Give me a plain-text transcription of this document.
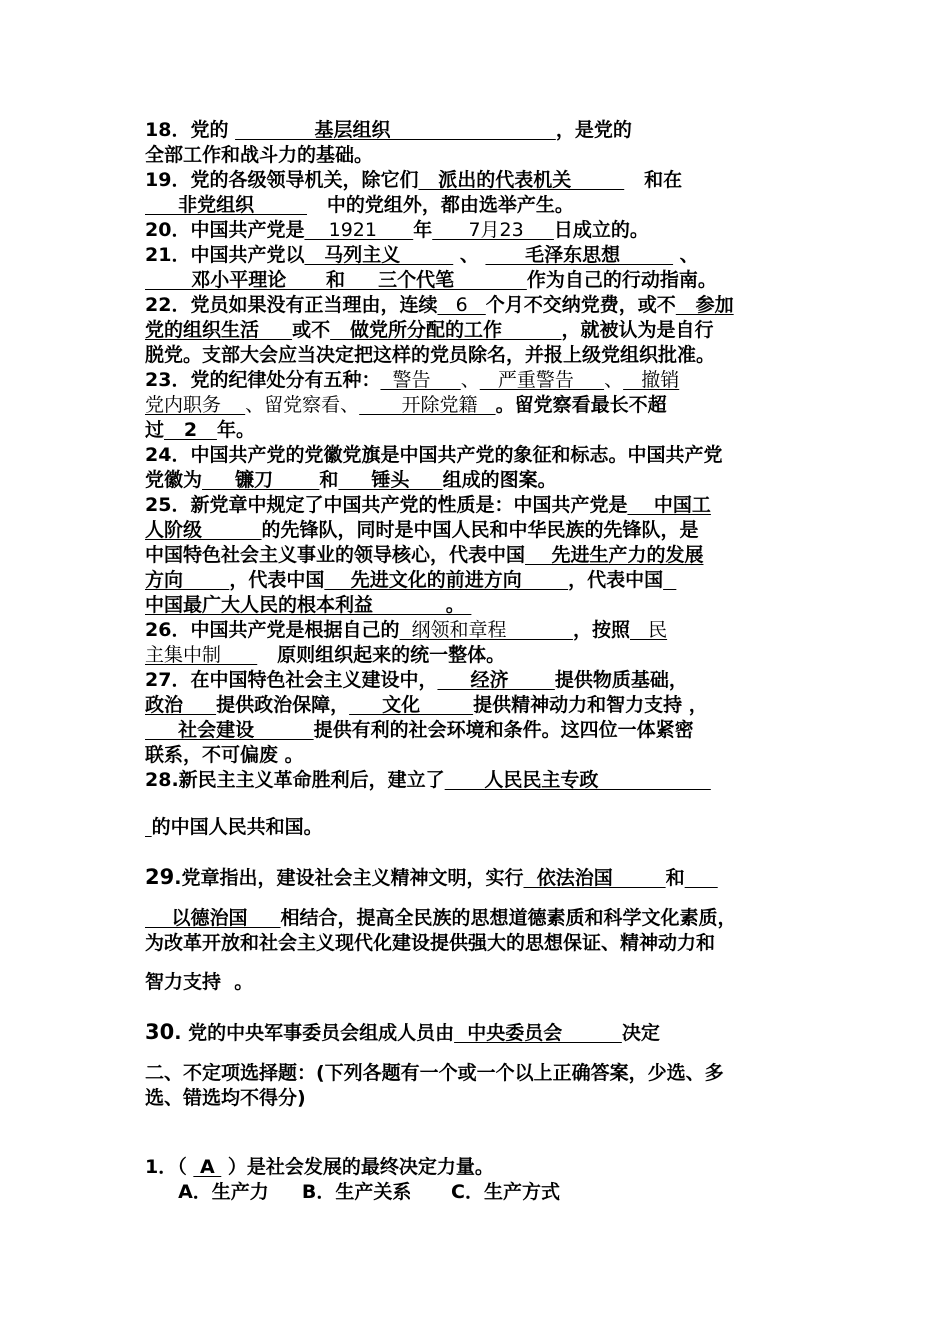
18．党的             基层组织                         ，是党的
全部工作和战斗力的基础。
19．党的各级领导机关，除它们   派出的代表机关           和在
非党组织           中的党组外，都由选举产生。
20．中国共产党是    1921      年      7月23     日成立的。
21．中国共产党以   马列主义         、       毛泽东思想         、
邓小平理论      和     三个代笔           作为自己的行动指南。
22．党员如果没有正当理由，连续   6   个月不交纳党费，或不   参加
党的组织生活     或不   做党所分配的工作         ，就被认为是自行
脱党。支部大会应当决定把这样的党员除名，并报上级党组织批准。
23．党的纪律处分有五种：  警告     、   严重警告     、   撤销
党内职务    、留党察看、 开除党籍   。留党察看最长不超
过   2   年。
24．中国共产党的党徽党旗是中国共产党的象征和标志。中国共产党
党徽为     镰刀       和     锤头     组成的图案。
25．新党章中规定了中国共产党的性质是：中国共产党是    中国工
人阶级         的先锋队，同时是中国人民和中华民族的先锋队，是
中国特色社会主义事业的领导核心，代表中国    先进生产力的发展
方向       ，代表中国    先进文化的前进方向       ，代表中国
中国最广大人民的根本利益           。
26．中国共产党是根据自己的  纲领和章程           ，按照   民
主集中制         原则组织起来的统一整体。
27．在中国特色社会主义建设中，     经济       提供物质基础，
政治     提供政治保障，     文化        提供精神动力和智力支持 ，
社会建设         提供有利的社会环境和条件。这四位一体紧密
联系，不可偏废 。
28.新民主主义革命胜利后，建立了      人民民主专政
的中国人民共和国。
29.党章指出，建设社会主义精神文明，实行  依法治国        和
以德治国     相结合，提高全民族的思想道德素质和科学文化素质，
为改革开放和社会主义现代化建设提供强大的思想保证、精神动力和
智力支持  。
30. 党的中央军事委员会组成人员由  中央委员会         决定
二、不定项选择题：(下列各题有一个或一个以上正确答案，少选、多
选、错选均不得分)
1．（  A  ）是社会发展的最终决定力量。
A．生产力     B．生产关系      C．生产方式
